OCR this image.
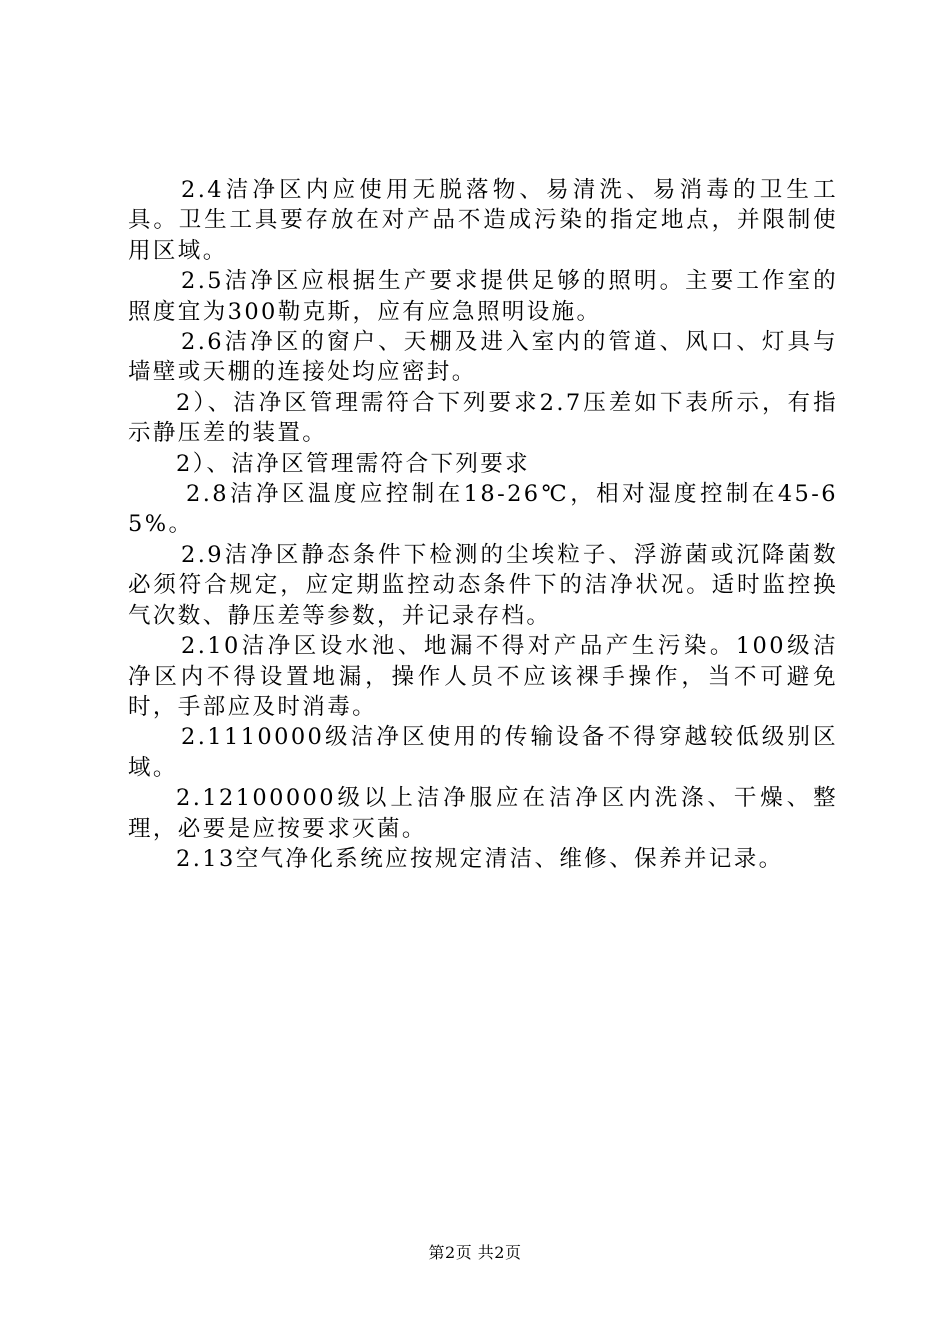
2.4洁净区内应使用无脱落物、易清洗、易消毒的卫生工具。卫生工具要存放在对产品不造成污染的指定地点，并限制使用区域。

2.5洁净区应根据生产要求提供足够的照明。主要工作室的照度宜为300勒克斯，应有应急照明设施。

2.6洁净区的窗户、天棚及进入室内的管道、风口、灯具与墙壁或天棚的连接处均应密封。

2）、洁净区管理需符合下列要求2.7压差如下表所示，有指示静压差的装置。

2）、洁净区管理需符合下列要求

2.8洁净区温度应控制在18-26℃，相对湿度控制在45-65%。

2.9洁净区静态条件下检测的尘埃粒子、浮游菌或沉降菌数必须符合规定，应定期监控动态条件下的洁净状况。适时监控换气次数、静压差等参数，并记录存档。

2.10洁净区设水池、地漏不得对产品产生污染。100级洁净区内不得设置地漏，操作人员不应该裸手操作，当不可避免时，手部应及时消毒。

2.1110000级洁净区使用的传输设备不得穿越较低级别区域。

2.12100000级以上洁净服应在洁净区内洗涤、干燥、整理，必要是应按要求灭菌。

2.13空气净化系统应按规定清洁、维修、保养并记录。

第2页 共2页
